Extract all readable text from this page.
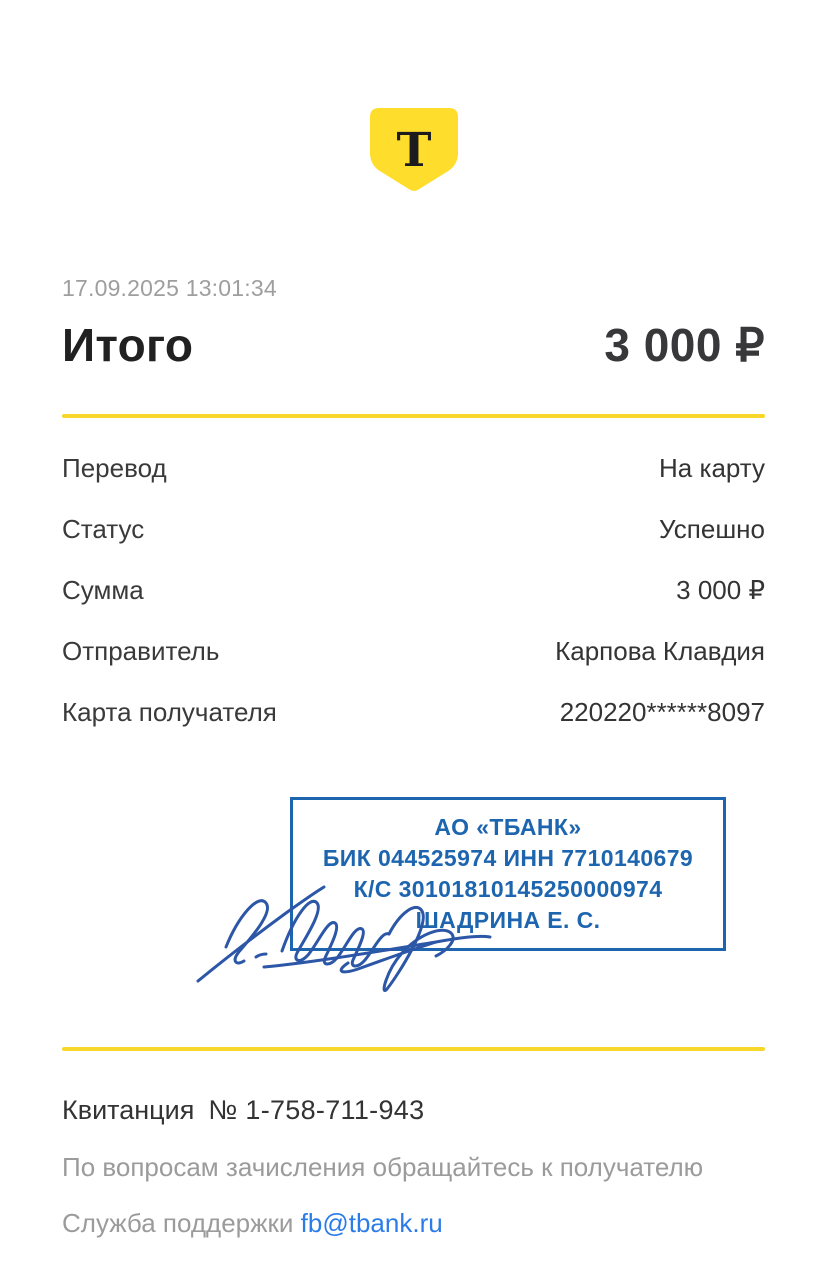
T
17.09.2025 13:01:34
Итого	3 000 ₽
Перевод	На карту
Статус	Успешно
Сумма	3 000 ₽
Отправитель	Карпова Клавдия
Карта получателя	220220******8097
АО «ТБАНК»
БИК 044525974 ИНН 7710140679
К/С 30101810145250000974
ШАДРИНА Е. С.
Квитанция № 1-758-711-943
По вопросам зачисления обращайтесь к получателю
Служба поддержки fb@tbank.ru
